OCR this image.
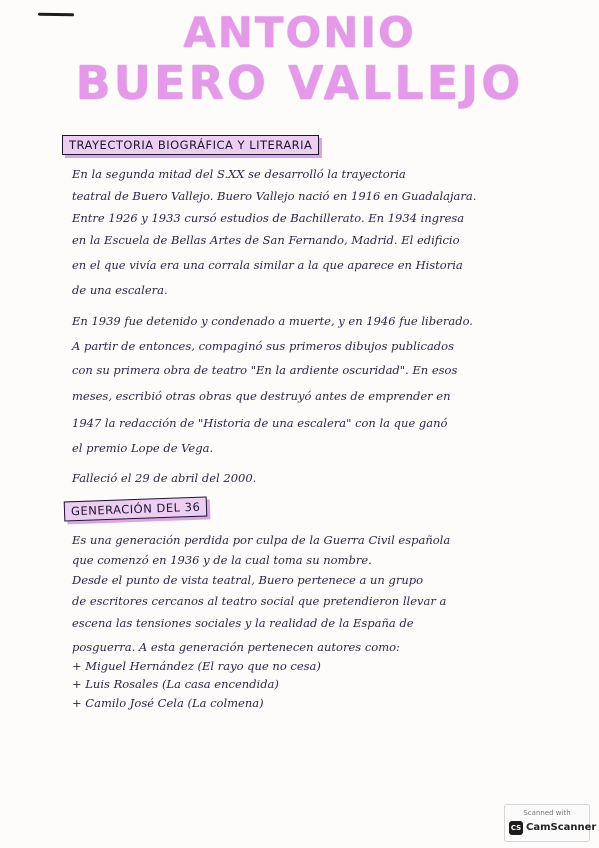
ANTONIO
BUERO VALLEJO
TRAYECTORIA BIOGRÁFICA Y LITERARIA
En la segunda mitad del S.XX se desarrolló la trayectoria
teatral de Buero Vallejo. Buero Vallejo nació en 1916 en Guadalajara.
Entre 1926 y 1933 cursó estudios de Bachillerato. En 1934 ingresa
en la Escuela de Bellas Artes de San Fernando, Madrid. El edificio
en el que vivía era una corrala similar a la que aparece en Historia
de una escalera.
En 1939 fue detenido y condenado a muerte, y en 1946 fue liberado.
A partir de entonces, compaginó sus primeros dibujos publicados
con su primera obra de teatro "En la ardiente oscuridad". En esos
meses, escribió otras obras que destruyó antes de emprender en
1947 la redacción de "Historia de una escalera" con la que ganó
el premio Lope de Vega.
Falleció el 29 de abril del 2000.
GENERACIÓN DEL 36
Es una generación perdida por culpa de la Guerra Civil española
que comenzó en 1936 y de la cual toma su nombre.
Desde el punto de vista teatral, Buero pertenece a un grupo
de escritores cercanos al teatro social que pretendieron llevar a
escena las tensiones sociales y la realidad de la España de
posguerra. A esta generación pertenecen autores como:
+ Miguel Hernández (El rayo que no cesa)
+ Luis Rosales (La casa encendida)
+ Camilo José Cela (La colmena)
Scanned with
CS CamScanner
